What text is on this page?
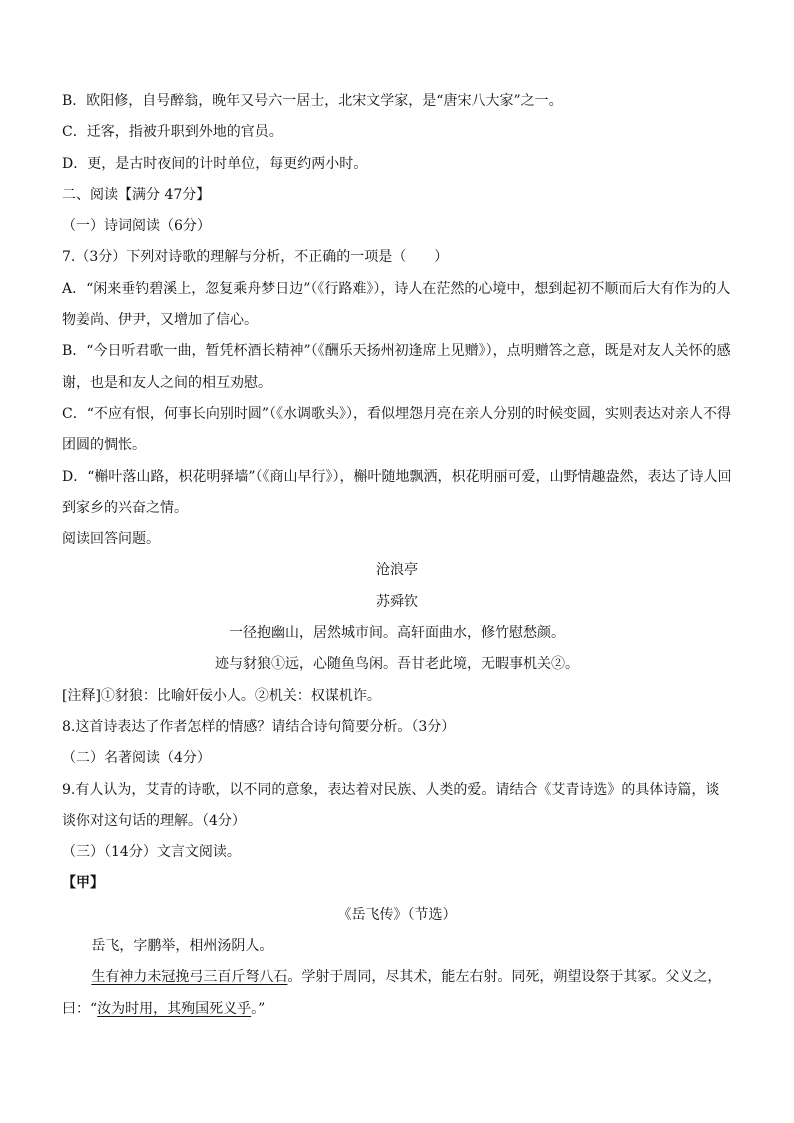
B．欧阳修，自号醉翁，晚年又号六一居士，北宋文学家，是“唐宋八大家”之一。
C．迁客，指被升职到外地的官员。
D．更，是古时夜间的计时单位，每更约两小时。
二、阅读【满分 47分】
（一）诗词阅读（6分）
7.（3分）下列对诗歌的理解与分析，不正确的一项是（　　）
A．“闲来垂钓碧溪上，忽复乘舟梦日边”（《行路难》），诗人在茫然的心境中，想到起初不顺而后大有作为的人物姜尚、伊尹，又增加了信心。
B．“今日听君歌一曲，暂凭杯酒长精神”（《酬乐天扬州初逢席上见赠》），点明赠答之意，既是对友人关怀的感谢，也是和友人之间的相互劝慰。
C．“不应有恨，何事长向别时圆”（《水调歌头》），看似埋怨月亮在亲人分别的时候变圆，实则表达对亲人不得团圆的惆怅。
D．“槲叶落山路，枳花明驿墙”（《商山早行》），槲叶随地飘洒，枳花明丽可爱，山野情趣盎然，表达了诗人回到家乡的兴奋之情。
阅读回答问题。
沧浪亭
苏舜钦
一径抱幽山，居然城市间。高轩面曲水，修竹慰愁颜。
迹与豺狼①远，心随鱼鸟闲。吾甘老此境，无暇事机关②。
[注释]①豺狼：比喻奸佞小人。②机关：权谋机诈。
8.这首诗表达了作者怎样的情感？请结合诗句简要分析。（3分）
（二）名著阅读（4分）
9.有人认为，艾青的诗歌，以不同的意象，表达着对民族、人类的爱。请结合《艾青诗选》的具体诗篇，谈谈你对这句话的理解。（4分）
（三）（14分）文言文阅读。
【甲】
《岳飞传》（节选）
岳飞，字鹏举，相州汤阴人。
生有神力未冠挽弓三百斤弩八石。学射于周同，尽其术，能左右射。同死，朔望设祭于其冢。父义之，曰：“汝为时用，其殉国死义乎。”
